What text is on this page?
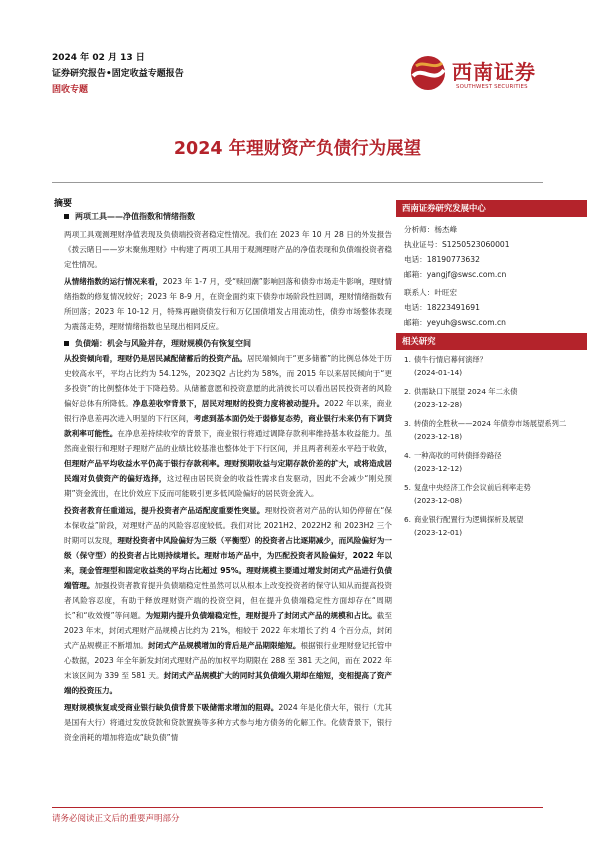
2024 年 02 月 13 日
证券研究报告•固定收益专题报告
固收专题
西南证券
SOUTHWEST SECURITIES
2024 年理财资产负债行为展望
摘要
两项工具——净值指数和情绪指数

两项工具观测理财净值表现及负债端投资者稳定性情况。我们在 2023 年 10 月 28 日的外发报告《拨云睹日——岁末聚焦理财》中构建了两项工具用于观测理财产品的净值表现和负债端投资者稳定性情况。

从情绪指数的运行情况来看，2023 年 1-7 月，受“赎回潮”影响回落和债券市场走牛影响，理财情绪指数的修复情况较好；2023 年 8-9 月，在资金面约束下债券市场阶段性回调，理财情绪指数有所回落；2023 年 10-12 月，特殊再融资债发行和万亿国债增发占用流动性，债券市场整体表现为震荡走势，理财情绪指数也呈现出相同反应。

负债端：机会与风险并存，理财规模仍有恢复空间

从投资倾向看，理财仍是居民减配储蓄后的投资产品。居民端倾向于“更多储蓄”的比例总体处于历史较高水平，平均占比约为 54.12%，2023Q2 占比约为 58%，而 2015 年以来居民倾向于“更多投资”的比例整体处于下降趋势。从储蓄意愿和投资意愿的此消彼长可以看出居民投资者的风险偏好总体有所降低。净息差收窄背景下，居民对理财的投资力度将被动提升。2022 年以来，商业银行净息差再次进入明显的下行区间，考虑到基本面仍处于弱修复态势，商业银行未来仍有下调贷款利率可能性。在净息差持续收窄的背景下，商业银行将通过调降存款利率维持基本收益能力。虽然商业银行和理财子理财产品的业绩比较基准也整体处于下行区间，并且两者利差水平趋于收敛，但理财产品平均收益水平仍高于银行存款利率。理财预期收益与定期存款价差的扩大，或将造成居民端对负债资产的偏好选择，这过程由居民资金的收益性需求自发驱动，因此不会减少“刚兑预期”资金流出，在比价效应下反而可能吸引更多低风险偏好的居民资金流入。

投资者教育任重道远，提升投资者产品适配度重要性突显。理财投资者对产品的认知仍停留在“保本保收益”阶段，对理财产品的风险容忍度较低。我们对比 2021H2、2022H2 和 2023H2 三个时期可以发现，理财投资者中风险偏好为三级（平衡型）的投资者占比逐期减少，而风险偏好为一级（保守型）的投资者占比则持续增长。理财市场产品中，为匹配投资者风险偏好，2022 年以来，现金管理型和固定收益类的平均占比超过 95%。理财规模主要通过增发封闭式产品进行负债端管理。加强投资者教育提升负债端稳定性虽然可以从根本上改变投资者的保守认知从而提高投资者风险容忍度，有助于释放理财资产端的投资空间，但在提升负债端稳定性方面却存在“周期长”和“收效慢”等问题。为短期内提升负债端稳定性，理财提升了封闭式产品的规模和占比。截至 2023 年末，封闭式理财产品规模占比约为 21%，相较于 2022 年末增长了约 4 个百分点，封闭式产品规模正不断增加。封闭式产品规模增加的背后是产品期限缩短。根据银行业理财登记托管中心数据，2023 年全年新发封闭式理财产品的加权平均期限在 288 至 381 天之间，而在 2022 年末该区间为 339 至 581 天。封闭式产品规模扩大的同时其负债端久期却在缩短，变相提高了资产端的投资压力。

理财规模恢复或受商业银行缺负债背景下吸储需求增加的阻碍。2024 年是化债大年，银行（尤其是国有大行）将通过发放贷款和贷款置换等多种方式参与地方债务的化解工作。化债背景下，银行资金消耗的增加将造成“缺负债”情

西南证券研究发展中心
分析师：杨杰峰
执业证号：S1250523060001
电话：18190773632
邮箱：yangjf@swsc.com.cn
联系人：叶旺宏
电话：18223491691
邮箱：yeyuh@swsc.com.cn
相关研究
1. 债牛行情启幕何演绎？
(2024-01-14)
2. 供需缺口下展望 2024 年二永债
(2023-12-28)
3. 转债的全胜秋——2024 年债券市场展望系列二
(2023-12-18)
4. 一种高收的可转债择券路径
(2023-12-12)
5. 复盘中央经济工作会议前后利率走势
(2023-12-08)
6. 商业银行配置行为逻辑探析及展望
(2023-12-01)
请务必阅读正文后的重要声明部分
